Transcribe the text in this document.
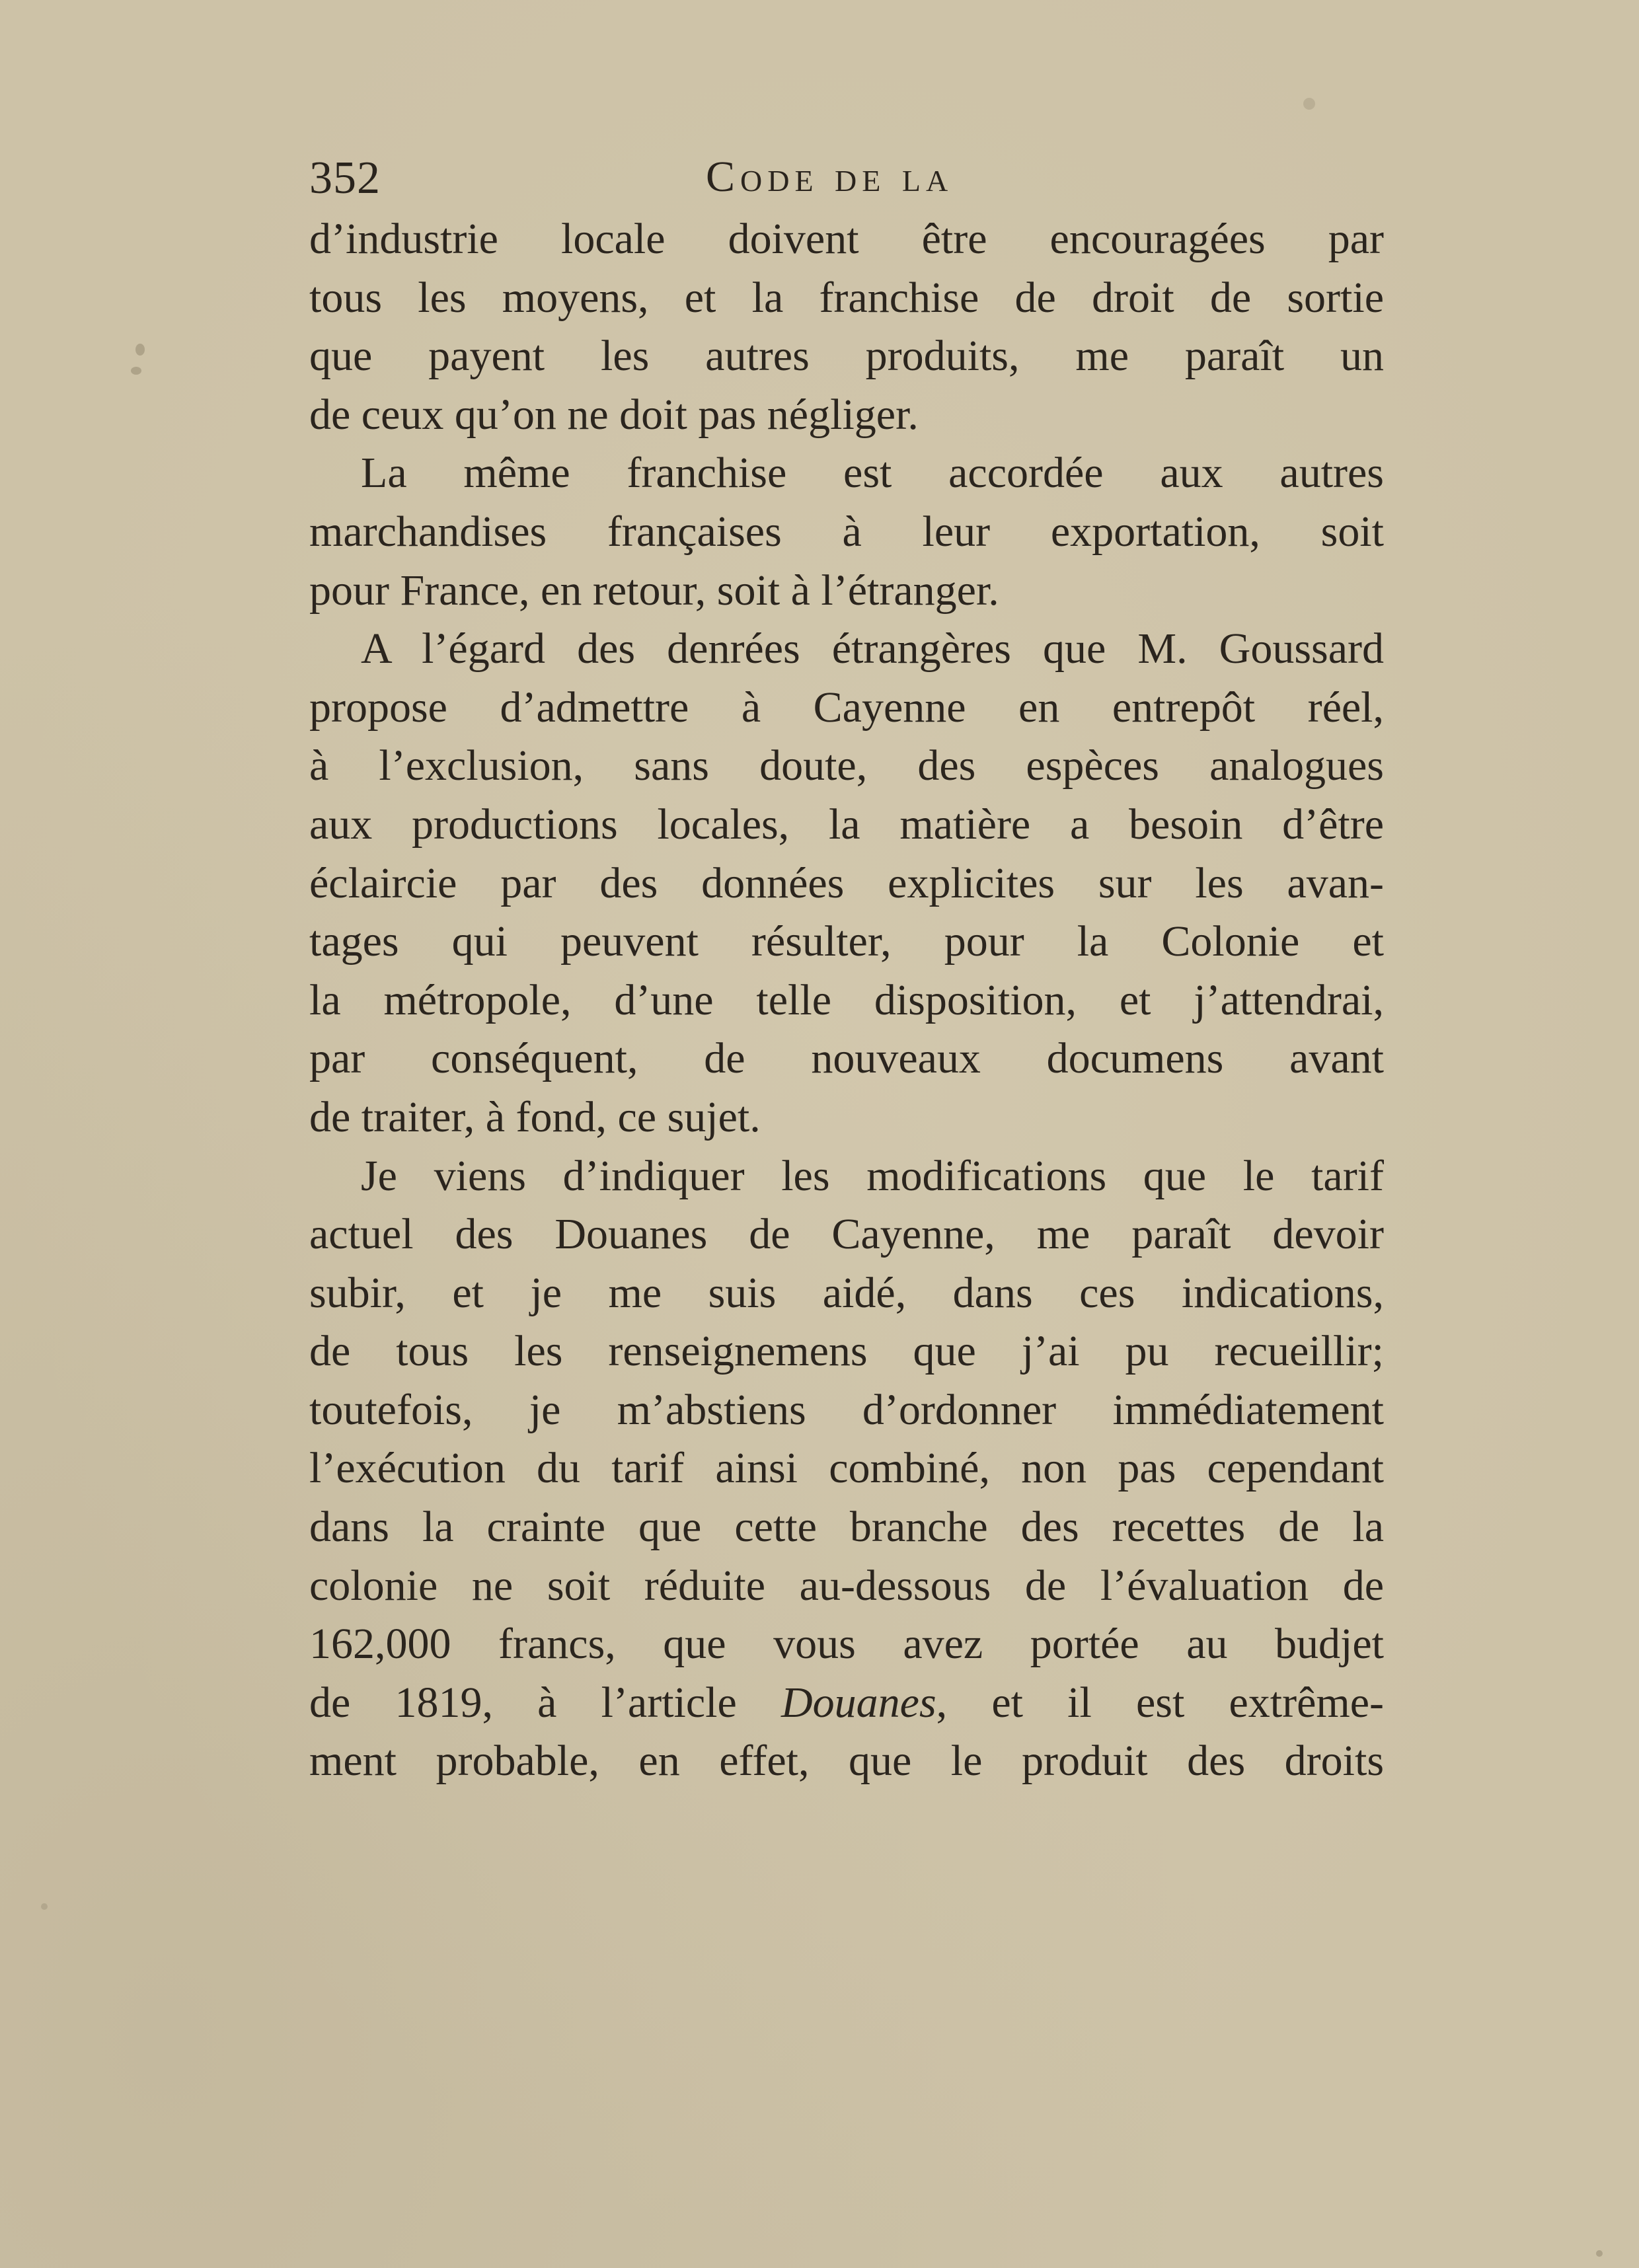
352	Code de la
d’industrie locale doivent être encouragées par
tous les moyens, et la franchise de droit de sortie
que payent les autres produits, me paraît un
de ceux qu’on ne doit pas négliger.
La même franchise est accordée aux autres
marchandises françaises à leur exportation, soit
pour France, en retour, soit à l’étranger.
A l’égard des denrées étrangères que M. Goussard
propose d’admettre à Cayenne en entrepôt réel,
à l’exclusion, sans doute, des espèces analogues
aux productions locales, la matière a besoin d’être
éclaircie par des données explicites sur les avan-
tages qui peuvent résulter, pour la Colonie et
la métropole, d’une telle disposition, et j’attendrai,
par conséquent, de nouveaux documens avant
de traiter, à fond, ce sujet.
Je viens d’indiquer les modifications que le tarif
actuel des Douanes de Cayenne, me paraît devoir
subir, et je me suis aidé, dans ces indications,
de tous les renseignemens que j’ai pu recueillir;
toutefois, je m’abstiens d’ordonner immédiatement
l’exécution du tarif ainsi combiné, non pas cependant
dans la crainte que cette branche des recettes de la
colonie ne soit réduite au-dessous de l’évaluation de
162,000 francs, que vous avez portée au budjet
de 1819, à l’article Douanes, et il est extrême-
ment probable, en effet, que le produit des droits
